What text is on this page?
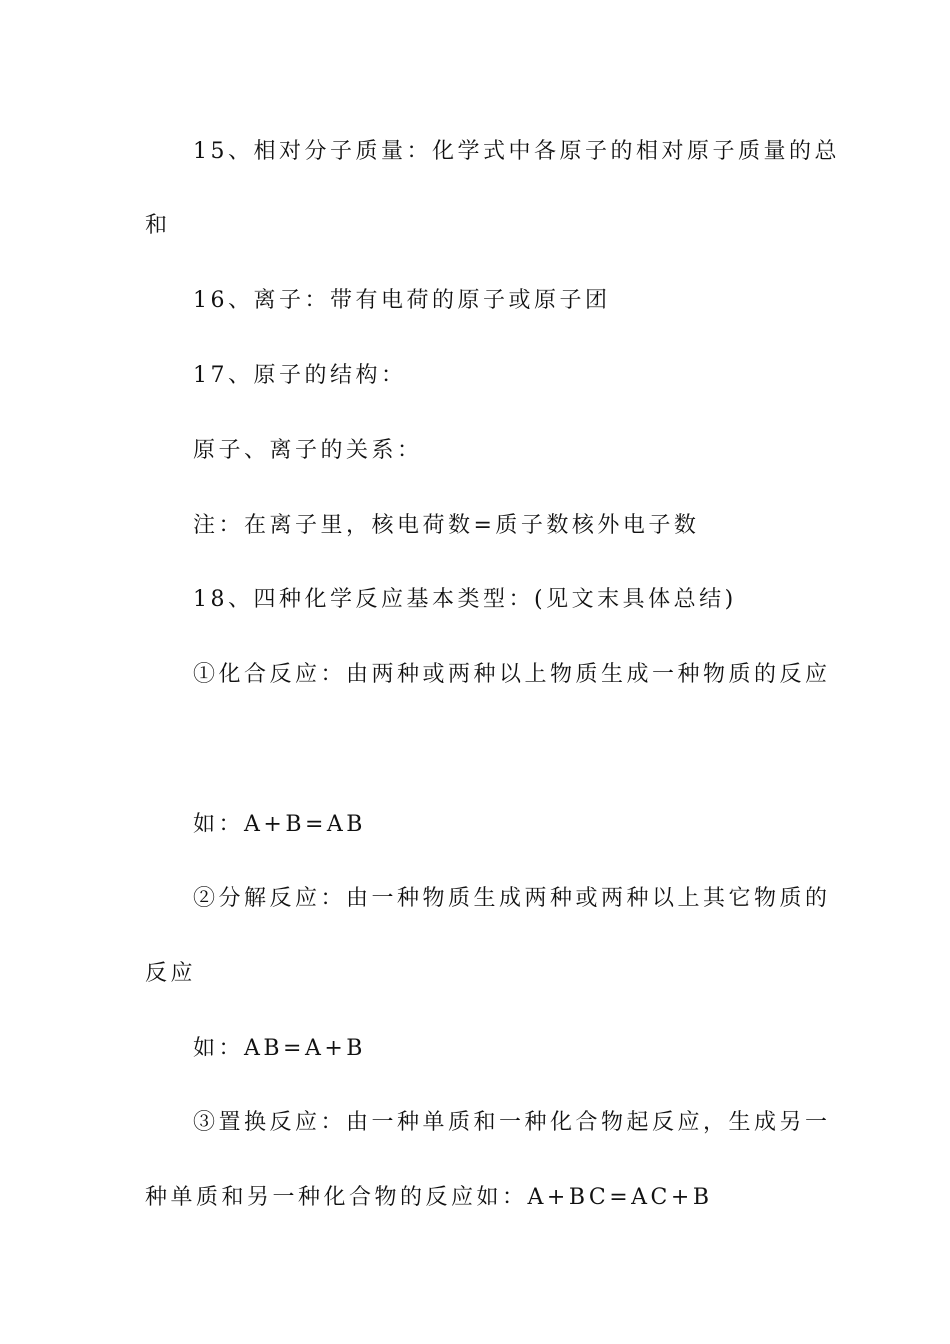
15、相对分子质量：化学式中各原子的相对原子质量的总
和
16、离子：带有电荷的原子或原子团
17、原子的结构：
原子、离子的关系：
注：在离子里，核电荷数=质子数核外电子数
18、四种化学反应基本类型：(见文末具体总结)
①化合反应：由两种或两种以上物质生成一种物质的反应
如：A+B=AB
②分解反应：由一种物质生成两种或两种以上其它物质的
反应
如：AB=A+B
③置换反应：由一种单质和一种化合物起反应，生成另一
种单质和另一种化合物的反应如：A+BC=AC+B
